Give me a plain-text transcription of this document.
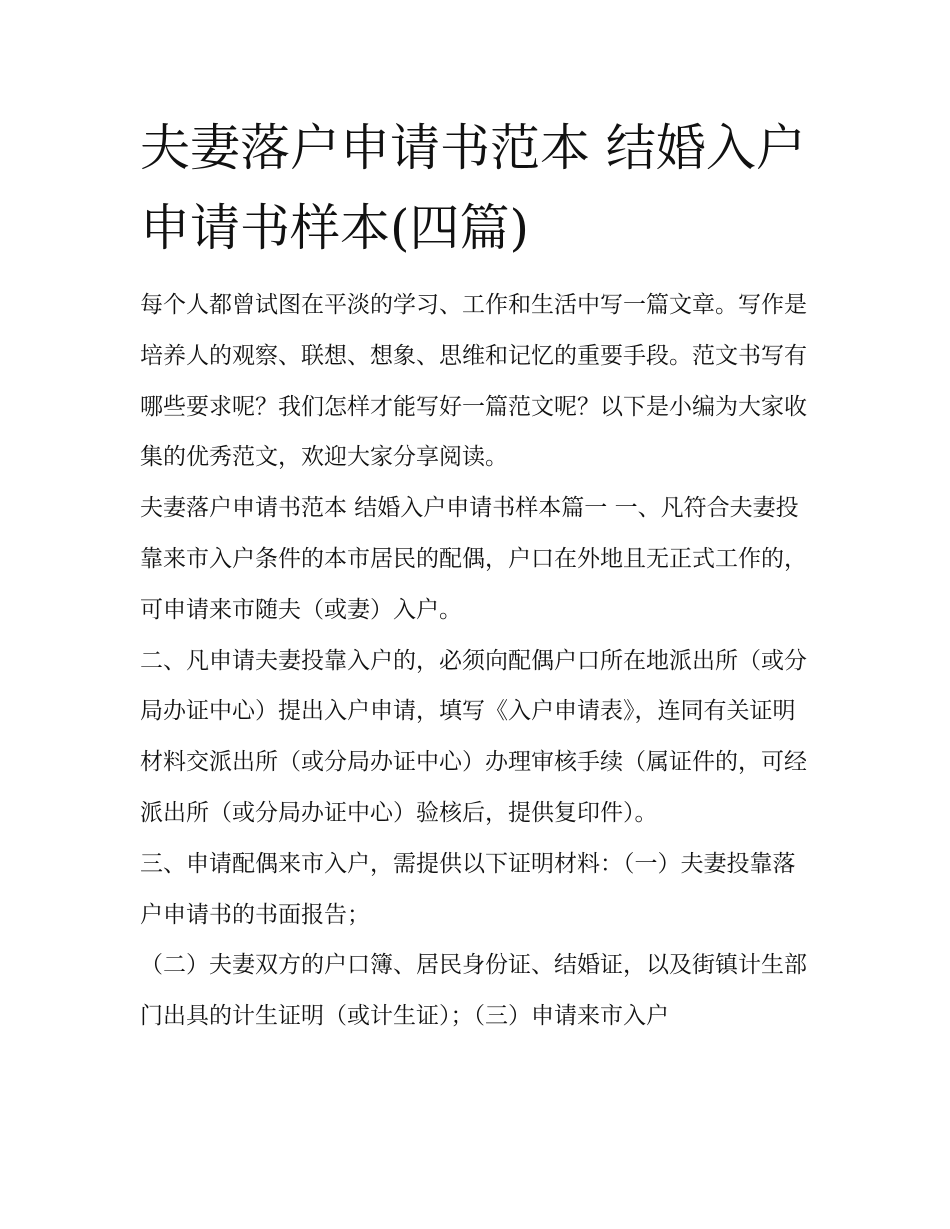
夫妻落户申请书范本 结婚入户申请书样本(四篇)

每个人都曾试图在平淡的学习、工作和生活中写一篇文章。写作是培养人的观察、联想、想象、思维和记忆的重要手段。范文书写有哪些要求呢？我们怎样才能写好一篇范文呢？以下是小编为大家收集的优秀范文，欢迎大家分享阅读。

夫妻落户申请书范本 结婚入户申请书样本篇一 一、凡符合夫妻投靠来市入户条件的本市居民的配偶，户口在外地且无正式工作的，可申请来市随夫（或妻）入户。

二、凡申请夫妻投靠入户的，必须向配偶户口所在地派出所（或分局办证中心）提出入户申请，填写《入户申请表》，连同有关证明材料交派出所（或分局办证中心）办理审核手续（属证件的，可经派出所（或分局办证中心）验核后，提供复印件）。

三、申请配偶来市入户，需提供以下证明材料：（一）夫妻投靠落户申请书的书面报告；

（二）夫妻双方的户口簿、居民身份证、结婚证，以及街镇计生部门出具的计生证明（或计生证）；（三）申请来市入户
